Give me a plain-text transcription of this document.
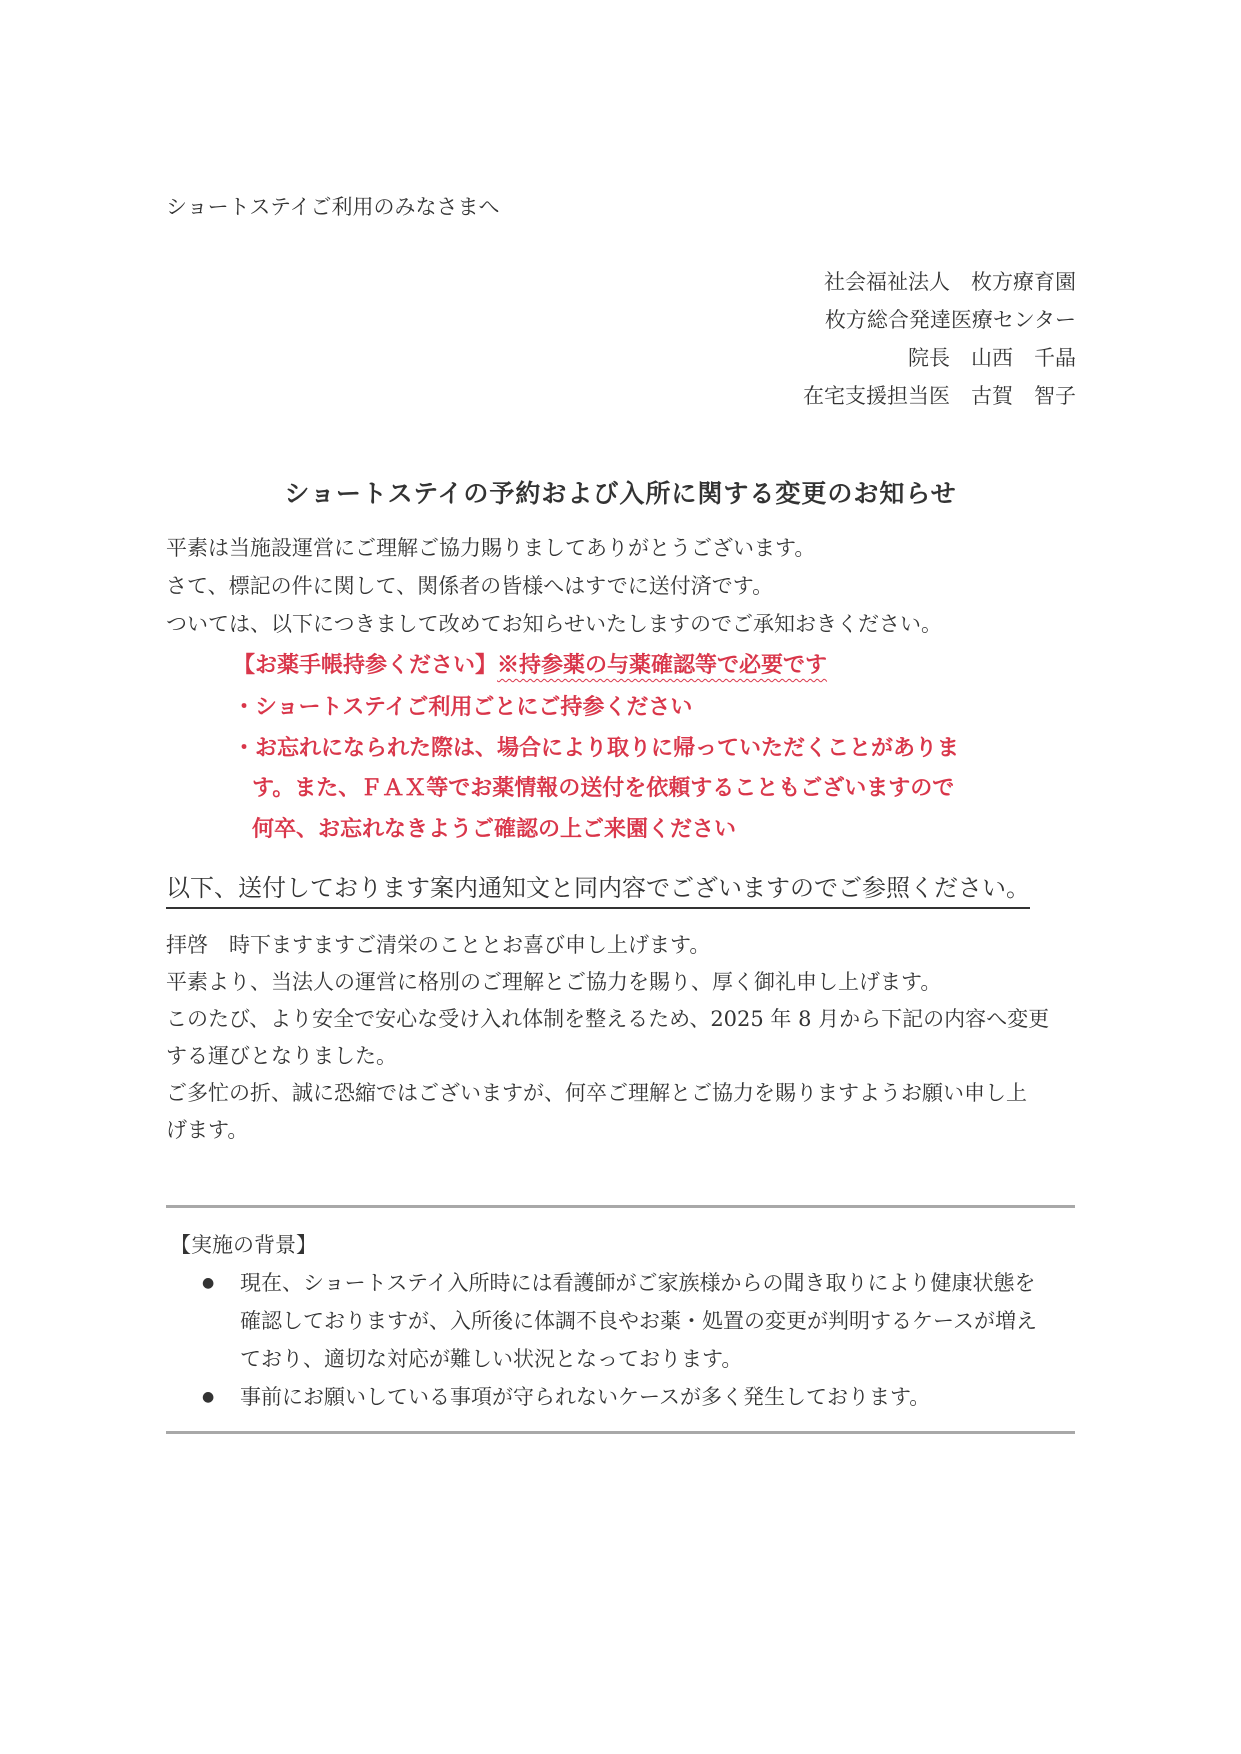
ショートステイご利用のみなさまへ
社会福祉法人　枚方療育園
枚方総合発達医療センター
院長　山西　千晶
在宅支援担当医　古賀　智子
ショートステイの予約および入所に関する変更のお知らせ
平素は当施設運営にご理解ご協力賜りましてありがとうございます。
さて、標記の件に関して、関係者の皆様へはすでに送付済です。
ついては、以下につきまして改めてお知らせいたしますのでご承知おきください。
【お薬手帳持参ください】※持参薬の与薬確認等で必要です
・ショートステイご利用ごとにご持参ください
・お忘れになられた際は、場合により取りに帰っていただくことがありま
す。また、ＦＡＸ等でお薬情報の送付を依頼することもございますので
何卒、お忘れなきようご確認の上ご来園ください
以下、送付しております案内通知文と同内容でございますのでご参照ください。
拝啓　時下ますますご清栄のこととお喜び申し上げます。
平素より、当法人の運営に格別のご理解とご協力を賜り、厚く御礼申し上げます。
このたび、より安全で安心な受け入れ体制を整えるため、2025 年 8 月から下記の内容へ変更
する運びとなりました。
ご多忙の折、誠に恐縮ではございますが、何卒ご理解とご協力を賜りますようお願い申し上
げます。
【実施の背景】
● 現在、ショートステイ入所時には看護師がご家族様からの聞き取りにより健康状態を
確認しておりますが、入所後に体調不良やお薬・処置の変更が判明するケースが増え
ており、適切な対応が難しい状況となっております。
● 事前にお願いしている事項が守られないケースが多く発生しております。
